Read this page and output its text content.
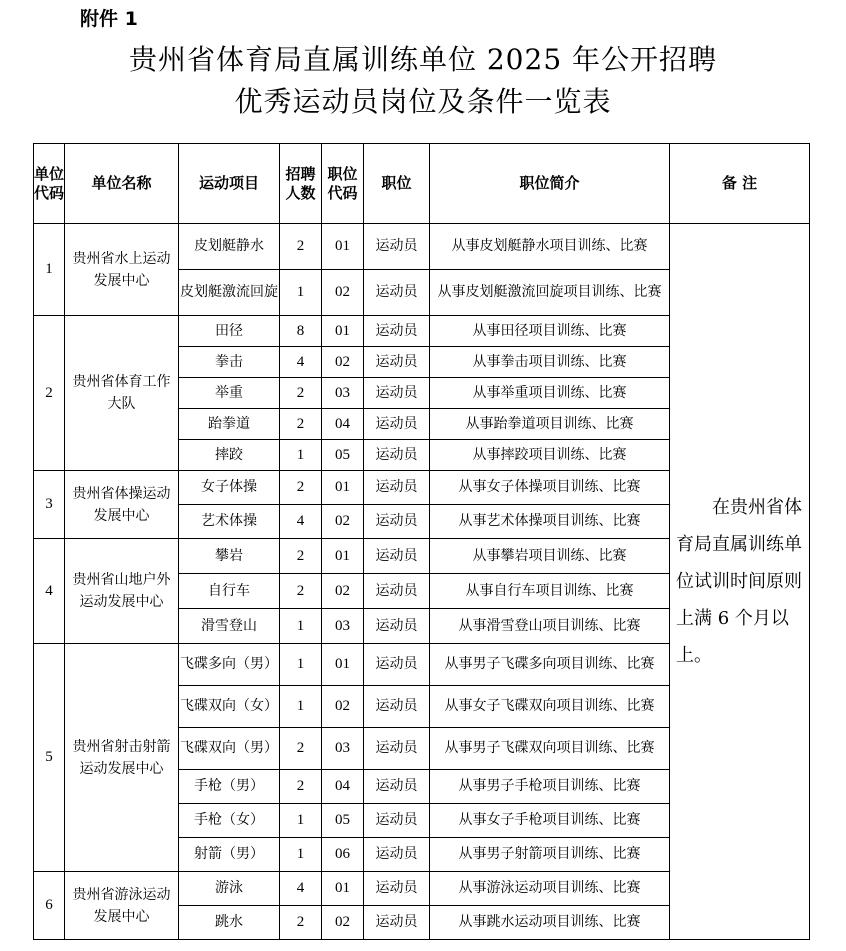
附件 1
贵州省体育局直属训练单位 2025 年公开招聘
优秀运动员岗位及条件一览表
单位代码	单位名称	运动项目	招聘人数	职位代码	职位	职位简介	备 注
1	贵州省水上运动发展中心	皮划艇静水	2	01	运动员	从事皮划艇静水项目训练、比赛	在贵州省体育局直属训练单位试训时间原则上满 6 个月以上。
		皮划艇激流回旋	1	02	运动员	从事皮划艇激流回旋项目训练、比赛	
2	贵州省体育工作大队	田径	8	01	运动员	从事田径项目训练、比赛	
		拳击	4	02	运动员	从事拳击项目训练、比赛	
		举重	2	03	运动员	从事举重项目训练、比赛	
		跆拳道	2	04	运动员	从事跆拳道项目训练、比赛	
		摔跤	1	05	运动员	从事摔跤项目训练、比赛	
3	贵州省体操运动发展中心	女子体操	2	01	运动员	从事女子体操项目训练、比赛	
		艺术体操	4	02	运动员	从事艺术体操项目训练、比赛	
4	贵州省山地户外运动发展中心	攀岩	2	01	运动员	从事攀岩项目训练、比赛	
		自行车	2	02	运动员	从事自行车项目训练、比赛	
		滑雪登山	1	03	运动员	从事滑雪登山项目训练、比赛	
5	贵州省射击射箭运动发展中心	飞碟多向（男）	1	01	运动员	从事男子飞碟多向项目训练、比赛	
		飞碟双向（女）	1	02	运动员	从事女子飞碟双向项目训练、比赛	
		飞碟双向（男）	2	03	运动员	从事男子飞碟双向项目训练、比赛	
		手枪（男）	2	04	运动员	从事男子手枪项目训练、比赛	
		手枪（女）	1	05	运动员	从事女子手枪项目训练、比赛	
		射箭（男）	1	06	运动员	从事男子射箭项目训练、比赛	
6	贵州省游泳运动发展中心	游泳	4	01	运动员	从事游泳运动项目训练、比赛	
		跳水	2	02	运动员	从事跳水运动项目训练、比赛	
